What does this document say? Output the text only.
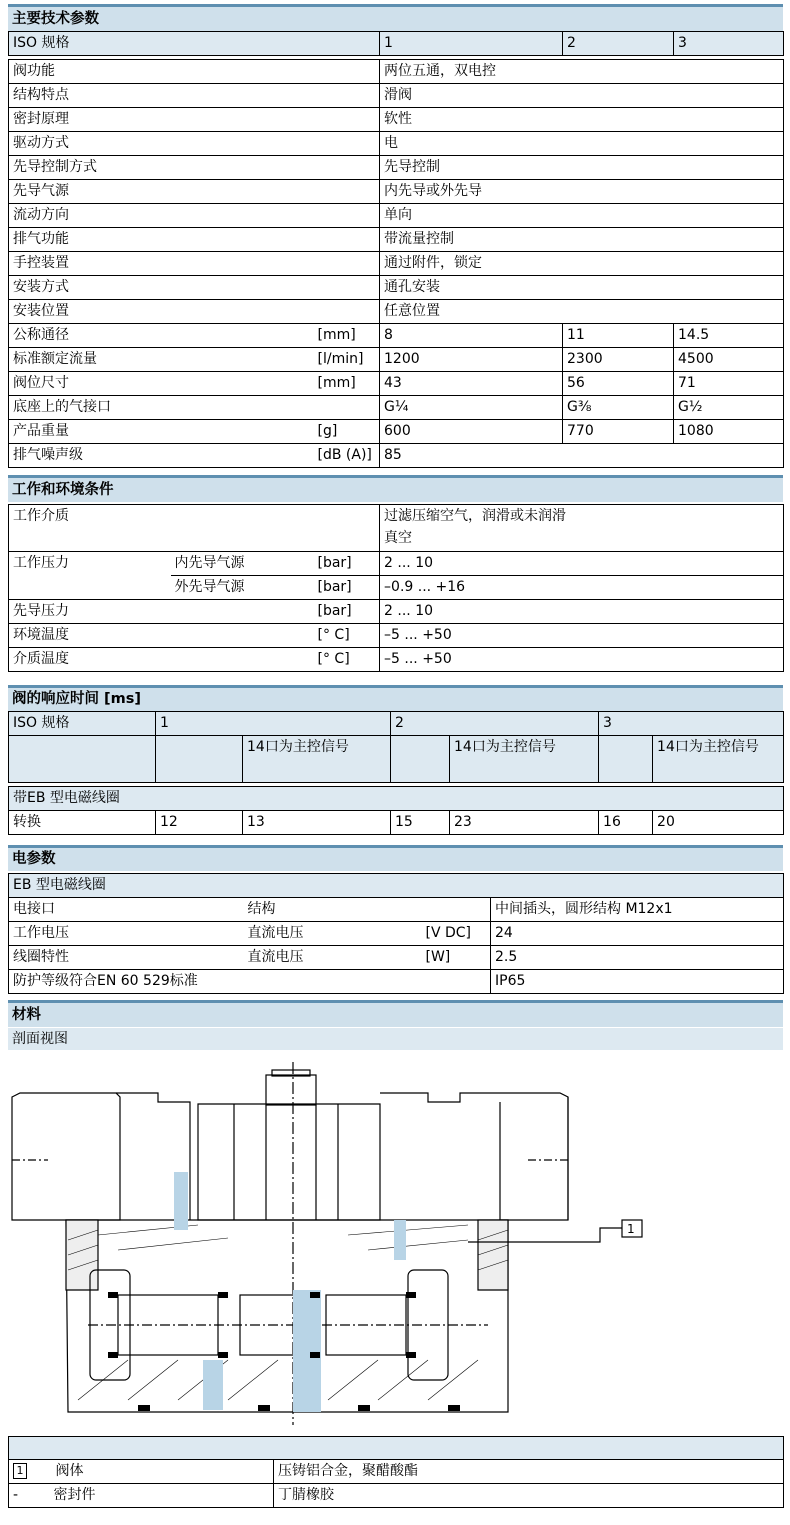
主要技术参数
ISO 规格		1	2	3

阀功能		两位五通，双电控		
结构特点		滑阀		
密封原理		软性		
驱动方式		电		
先导控制方式		先导控制		
先导气源		内先导或外先导		
流动方向		单向		
排气功能		带流量控制		
手控装置		通过附件，锁定		
安装方式		通孔安装		
安装位置		任意位置		
公称通径	[mm]	8	11	14.5
标准额定流量	[l/min]	1200	2300	4500
阀位尺寸	[mm]	43	56	71
底座上的气接口		G¼	G⅜	G½
产品重量	[g]	600	770	1080
排气噪声级	[dB (A)]	85		
工作和环境条件
工作介质			过滤压缩空气，润滑或未润滑
真空

工作压力	内先导气源	[bar]	2 ... 10
	外先导气源	[bar]	–0.9 ... +16
先导压力		[bar]	2 ... 10
环境温度		[° C]	–5 ... +50
介质温度		[° C]	–5 ... +50
阀的响应时间 [ms]
ISO 规格	1		2		3	
		14口为主控信号		14口为主控信号		14口为主控信号

带EB 型电磁线圈						
转换	12	13	15	23	16	20
电参数
EB 型电磁线圈			
电接口	结构		中间插头，圆形结构 M12x1
工作电压	直流电压	[V DC]	24
线圈特性	直流电压	[W]	2.5
防护等级符合EN 60 529标准			IP65
材料
剖面视图
1

1 阀体	压铸铝合金，聚醋酸酯
- 密封件	丁腈橡胶
